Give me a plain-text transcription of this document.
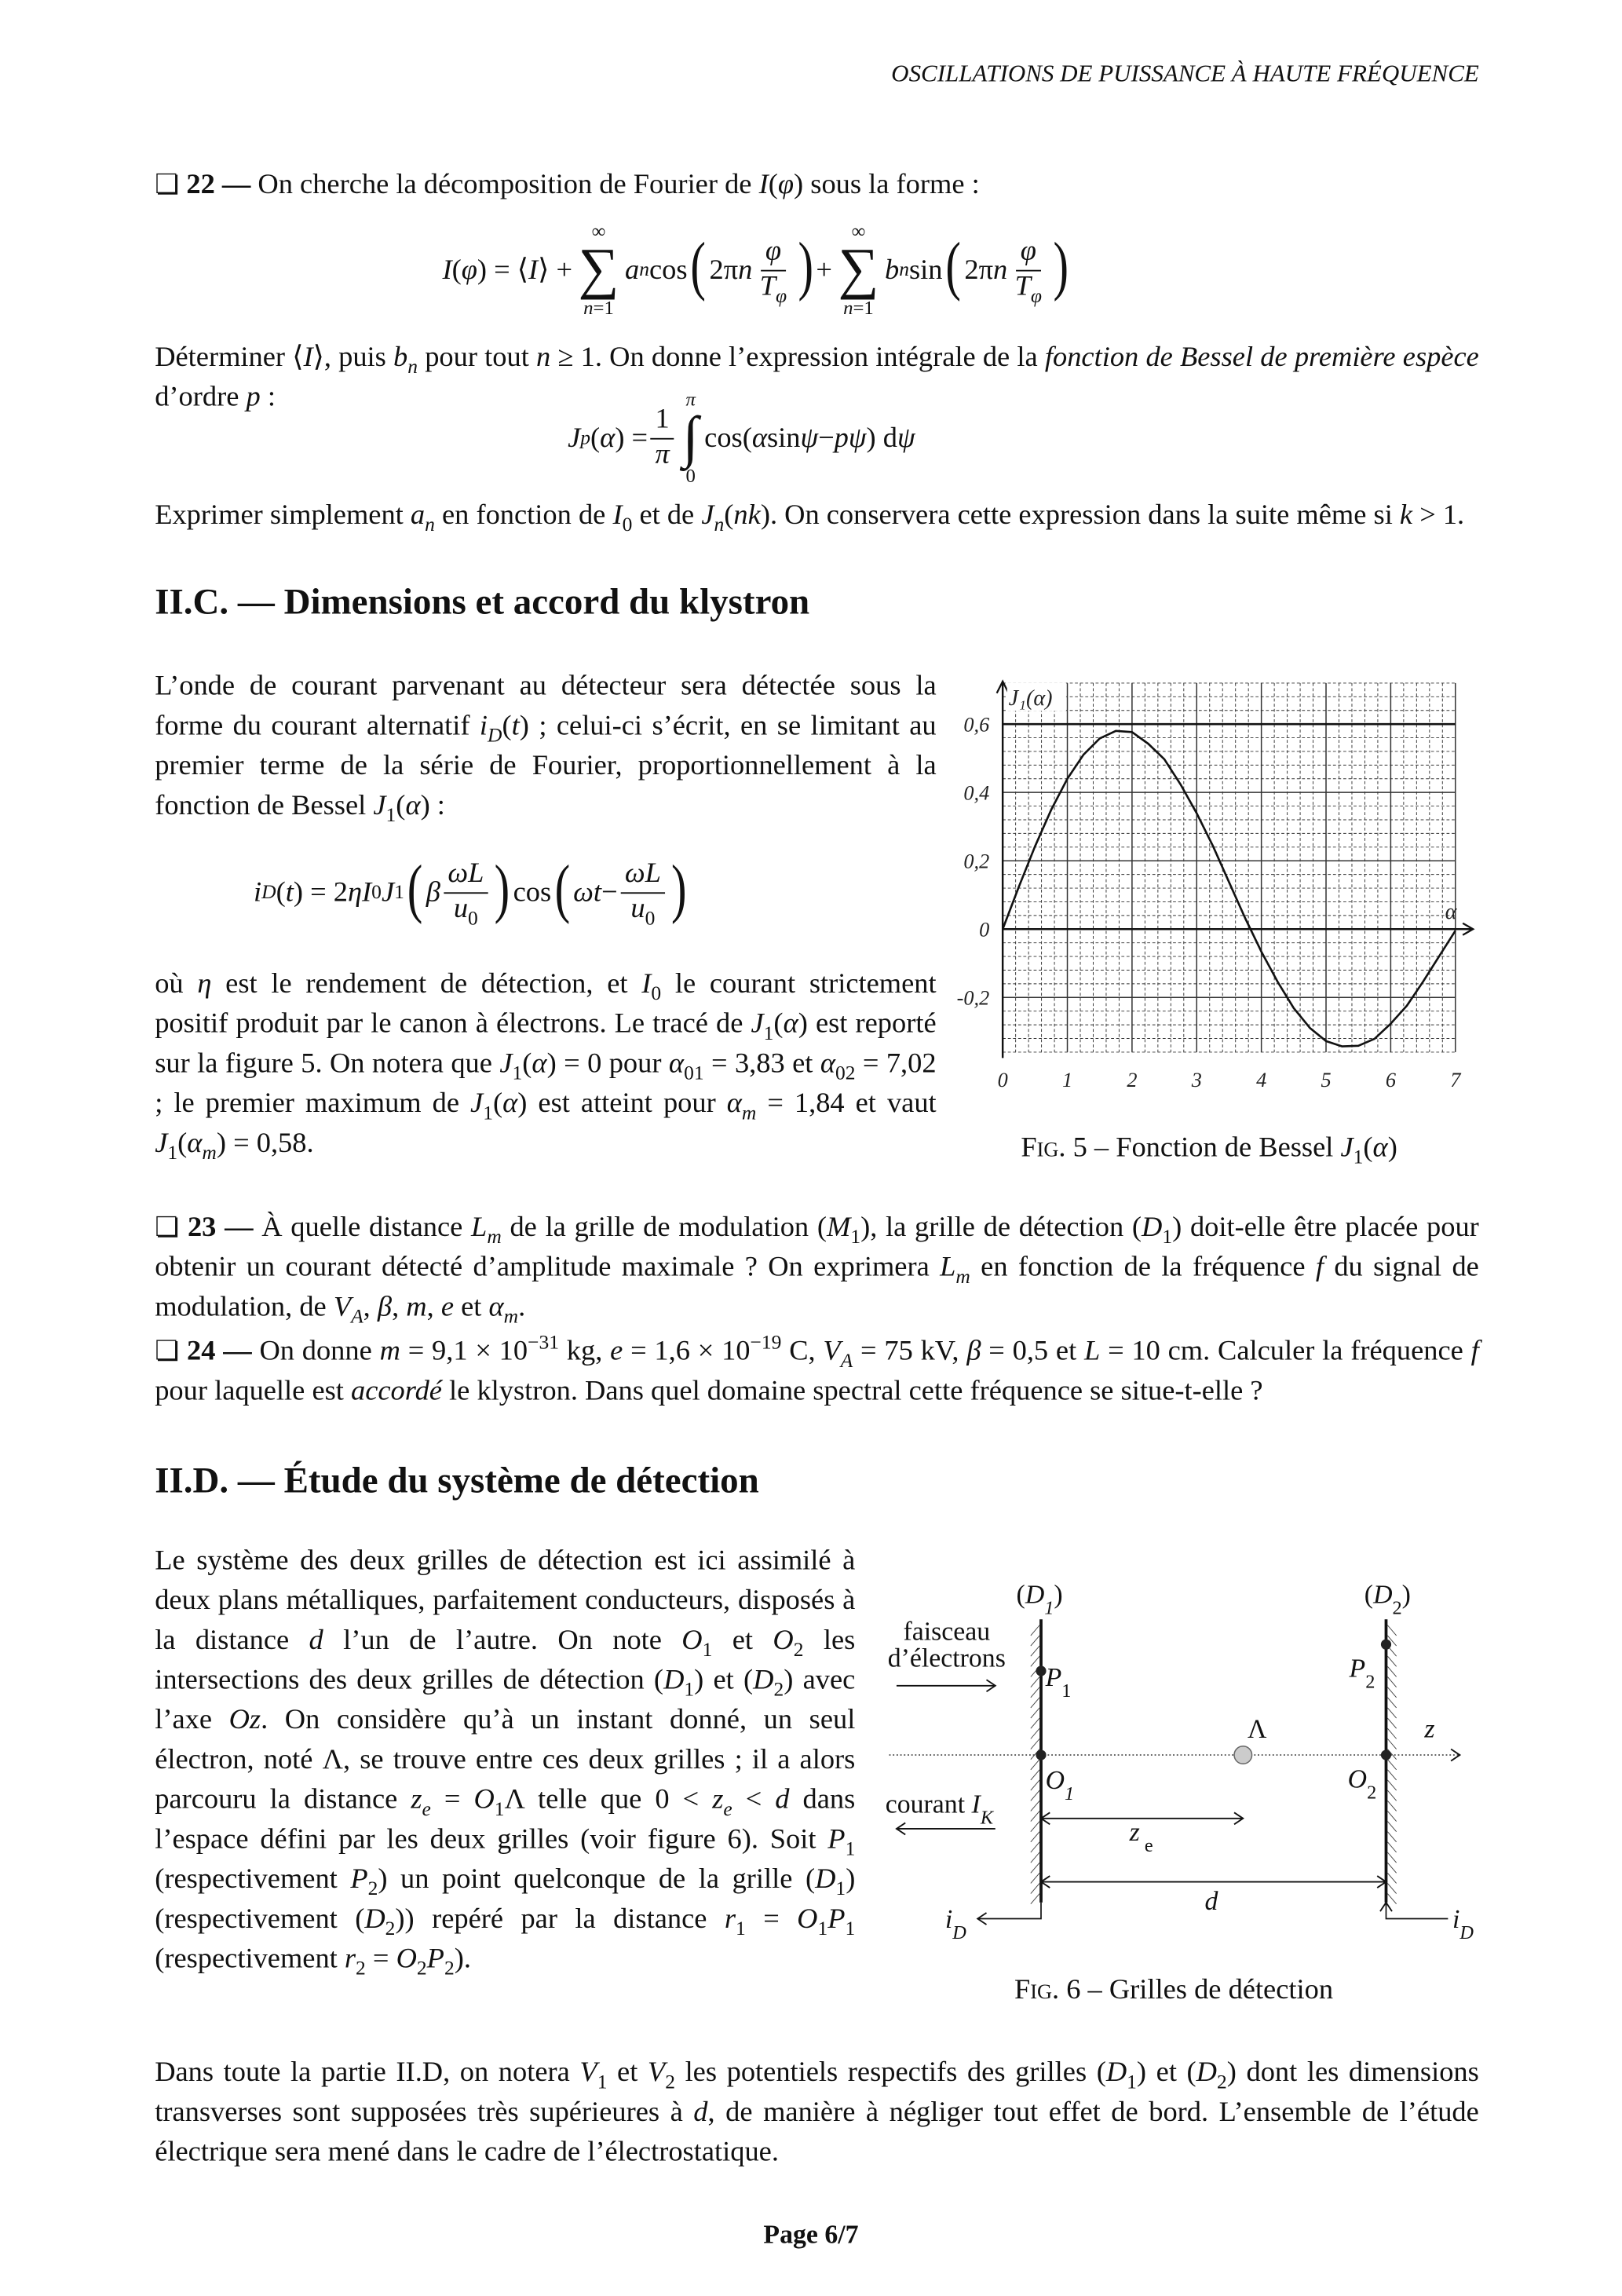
OSCILLATIONS DE PUISSANCE À HAUTE FRÉQUENCE
❏ 22 — On cherche la décomposition de Fourier de I(φ) sous la forme :
I ( φ ) = ⟨ I ⟩ +
∞
∑
n=1
a n cos ( 2π n $\frac{\varphi}{T_\varphi}$ ) +
∞
∑
n=1
b n sin ( 2π n $\frac{\varphi}{T_\varphi}$ )
Déterminer ⟨I⟩, puis $b_n$ pour tout n ≥ 1. On donne l’expression intégrale de la fonction de Bessel de première espèce d’ordre p :
J p ( α ) = $\frac{1}{\pi}$
π
∫
0
cos( α sin ψ − pψ ) d ψ
Exprimer simplement $a_n$ en fonction de $I_0$ et de $J_n(nk)$. On conservera cette expression dans la suite même si k > 1.
II.C. — Dimensions et accord du klystron
L’onde de courant parvenant au détecteur sera détectée sous la forme du courant alternatif $i_D(t)$ ; celui-ci s’écrit, en se limitant au premier terme de la série de Fourier, proportionnellement à la fonction de Bessel $J_1(\alpha)$ :
i D ( t ) = 2 ηI 0 J 1 ( β $\frac{\omega L}{u_0}$ ) cos ( $\omega t - \frac{\omega L}{u_0}$ )
où η est le rendement de détection, et $I_0$ le courant strictement positif produit par le canon à électrons. Le tracé de $J_1(\alpha)$ est reporté sur la figure 5. On notera que $J_1(\alpha) = 0$ pour $\alpha_{01} = 3,83$ et $\alpha_{02} = 7,02$ ; le premier maximum de $J_1(\alpha)$ est atteint pour $\alpha_m = 1,84$ et vaut $J_1(\alpha_m) = 0,58$.	Fig. 5 – Fonction de Bessel $J_1(\alpha)$
❏ 23 — À quelle distance $L_m$ de la grille de modulation $(M_1)$, la grille de détection $(D_1)$ doit-elle être placée pour obtenir un courant détecté d’amplitude maximale ? On exprimera $L_m$ en fonction de la fréquence f du signal de modulation, de $V_A$, β, m, e et $\alpha_m$.
❏ 24 — On donne $m = 9,1 \times 10^{-31}$ kg, $e = 1,6 \times 10^{-19}$ C, $V_A = 75$ kV, β = 0,5 et L = 10 cm. Calculer la fréquence f pour laquelle est accordé le klystron. Dans quel domaine spectral cette fréquence se situe-t-elle ?
II.D. — Étude du système de détection
Le système des deux grilles de détection est ici assimilé à deux plans métalliques, parfaitement conducteurs, disposés à la distance d l’un de l’autre. On note $O_1$ et $O_2$ les intersections des deux grilles de détection $(D_1)$ et $(D_2)$ avec l’axe Oz. On considère qu’à un instant donné, un seul électron, noté Λ, se trouve entre ces deux grilles ; il a alors parcouru la distance $z_e = O_1\Lambda$ telle que $0 < z_e < d$ dans l’espace défini par les deux grilles (voir figure 6). Soit $P_1$ (respectivement $P_2$) un point quelconque de la grille $(D_1)$ (respectivement $(D_2)$) repéré par la distance $r_1 = O_1P_1$ (respectivement $r_2 = O_2P_2$).
Fig. 6 – Grilles de détection
Dans toute la partie II.D, on notera $V_1$ et $V_2$ les potentiels respectifs des grilles $(D_1)$ et $(D_2)$ dont les dimensions transverses sont supposées très supérieures à d, de manière à négliger tout effet de bord. L’ensemble de l’étude électrique sera mené dans le cadre de l’électrostatique.
Page 6/7
0	1	2	3	4	5	6	7
0,6
0,4
0,2
0
-0,2
J₁(α)
α
$(D_1)$	$(D_2)$
faisceau
d’électrons
$P_1$
$P_2$
Λ	z
$O_1$	$O_2$
courant $I_K$
z $_e$
d
$i_D$	$i_D$
